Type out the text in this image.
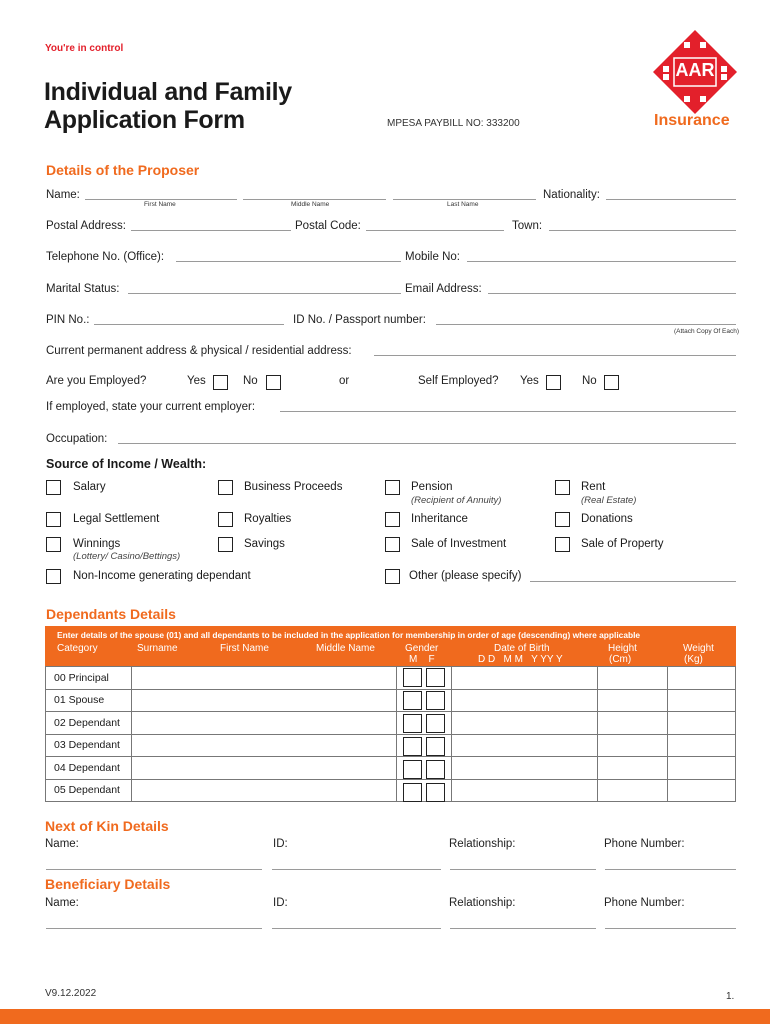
You're in control
Individual and Family
Application Form	MPESA PAYBILL NO: 333200
AAR
Insurance
Details of the Proposer
Name:
First Name	Middle Name	Last Name
Nationality:
Postal Address:	Postal Code:	Town:
Telephone No. (Office):	Mobile No:
Marital Status:	Email Address:
PIN No.:	ID No. / Passport number:
(Attach Copy Of Each)
Current permanent address & physical / residential address:
Are you Employed?	Yes	No	or	Self Employed? Yes	No
If employed, state your current employer:
Occupation:
Source of Income / Wealth:
Salary	Business Proceeds	Pension
(Recipient of Annuity)
Rent
(Real Estate)
Legal Settlement	Royalties	Inheritance	Donations
Winnings
(Lottery/ Casino/Bettings)
Savings	Sale of Investment	Sale of Property
Non-Income generating dependant	Other (please specify)
Dependants Details
Enter details of the spouse (01) and all dependants to be included in the application for membership in order of age (descending) where applicable
Category	Surname	First Name	Middle Name	Gender
M    F
Date of Birth
D D   M M   Y YY Y
Height
(Cm)
Weight
(Kg)
00 Principal					
01 Spouse					
02 Dependant					
03 Dependant					
04 Dependant					
05 Dependant					
Next of Kin Details
Name:	ID:	Relationship:	Phone Number:
Beneficiary Details
Name:	ID:	Relationship:	Phone Number:
V9.12.2022	1.
